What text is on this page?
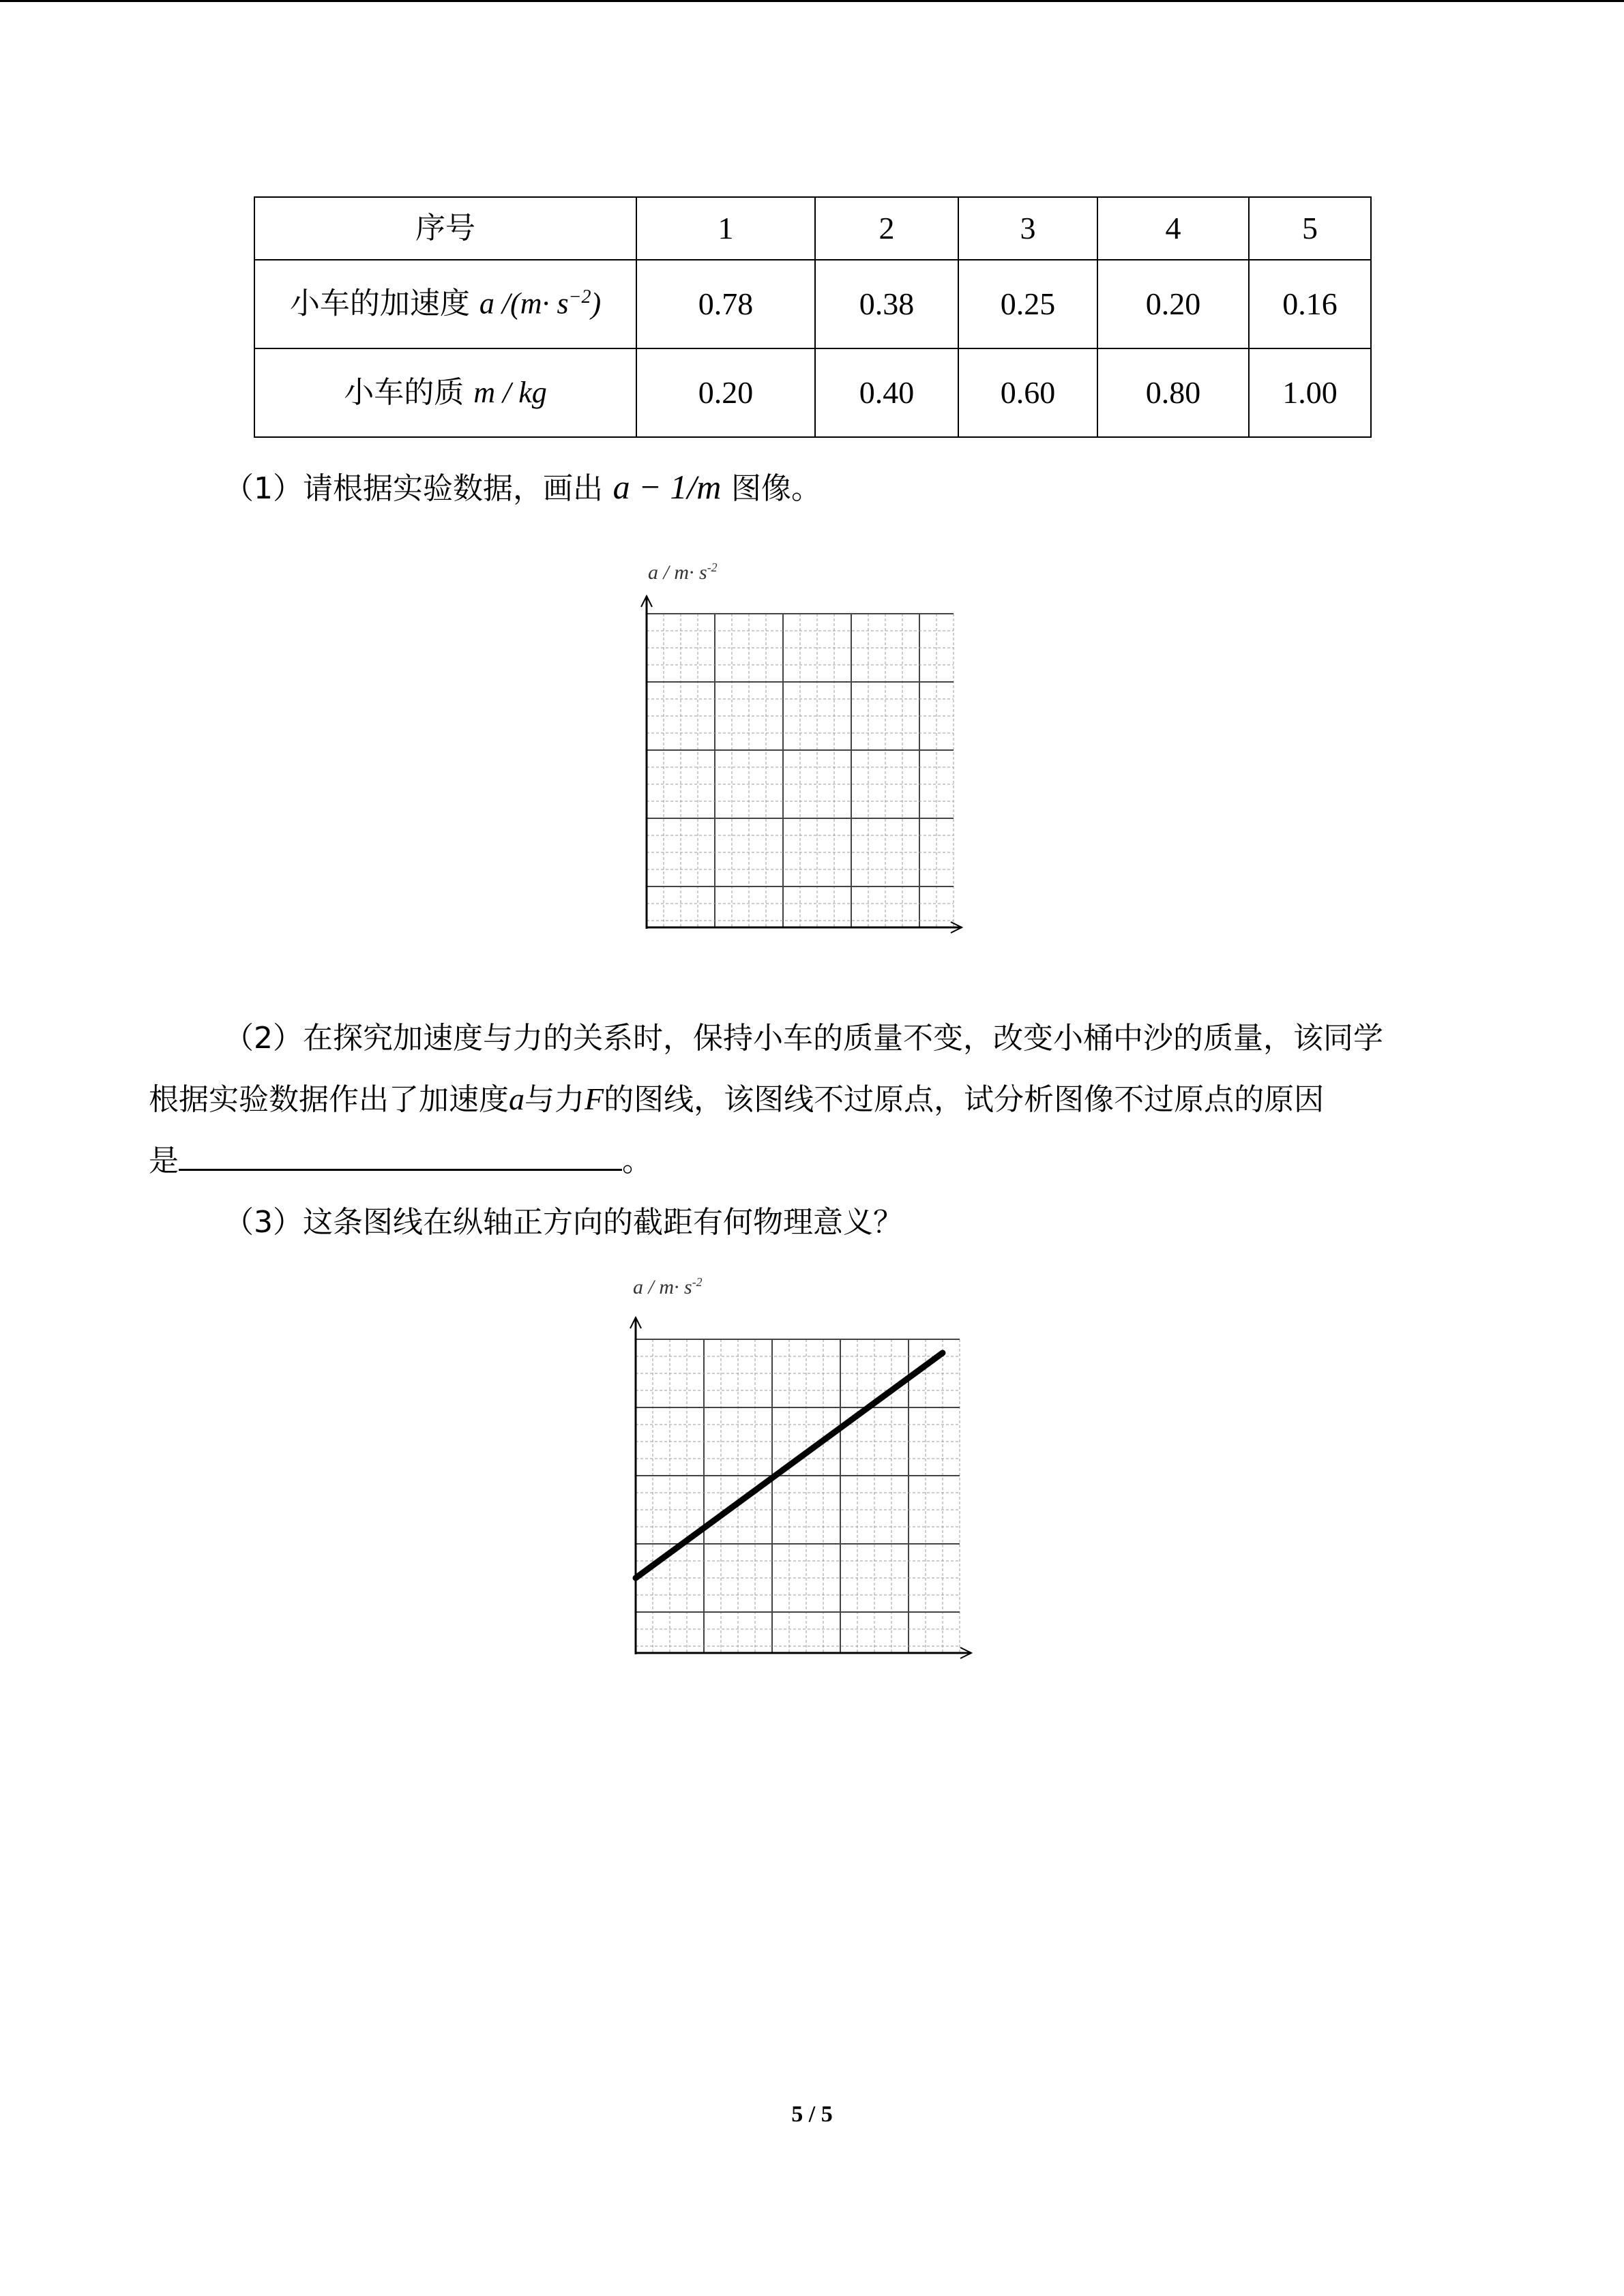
序号	1	2	3	4	5
小车的加速度 a $/(m\cdot s^{-2})$	0.78	0.38	0.25	0.20	0.16
小车的质 m / kg	0.20	0.40	0.60	0.80	1.00
（1）请根据实验数据，画出 a − 1/m 图像。
$a / m\cdot s^{-2}$
（2）在探究加速度与力的关系时，保持小车的质量不变，改变小桶中沙的质量，该同学
根据实验数据作出了加速度a与力F的图线，该图线不过原点，试分析图像不过原点的原因
是	。
（3）这条图线在纵轴正方向的截距有何物理意义？
$a / m\cdot s^{-2}$
5 / 5
